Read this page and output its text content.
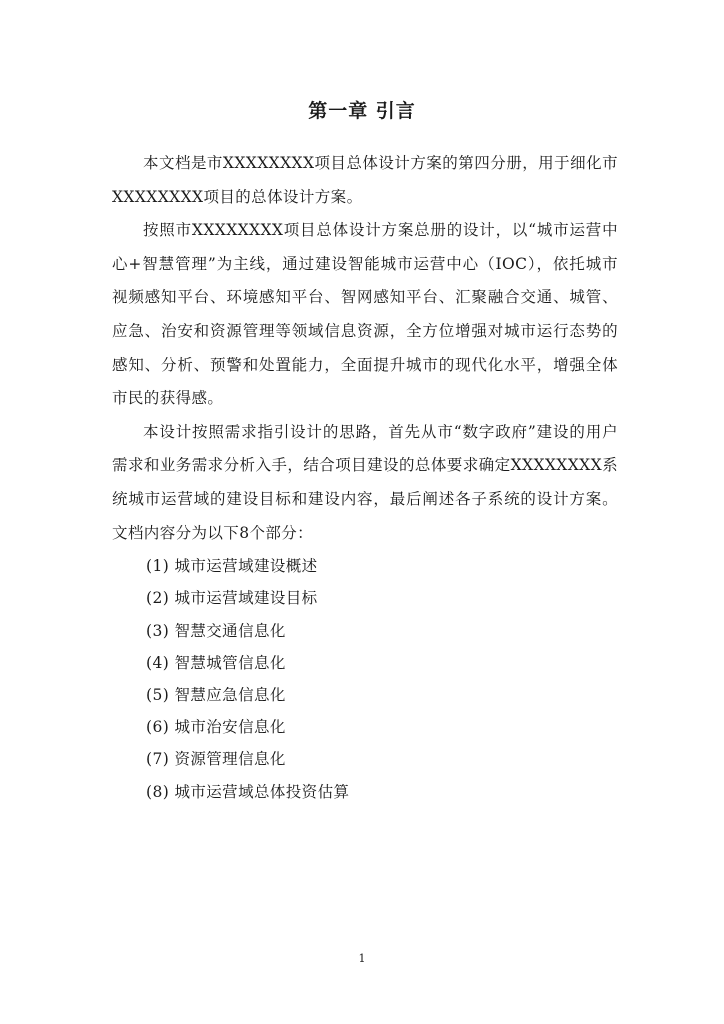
第一章 引言

本文档是市XXXXXXXX项目总体设计方案的第四分册，用于细化市XXXXXXXX项目的总体设计方案。

按照市XXXXXXXX项目总体设计方案总册的设计，以“城市运营中心+智慧管理”为主线，通过建设智能城市运营中心（IOC），依托城市视频感知平台、环境感知平台、智网感知平台、汇聚融合交通、城管、应急、治安和资源管理等领域信息资源，全方位增强对城市运行态势的感知、分析、预警和处置能力，全面提升城市的现代化水平，增强全体市民的获得感。

本设计按照需求指引设计的思路，首先从市“数字政府”建设的用户需求和业务需求分析入手，结合项目建设的总体要求确定XXXXXXXX系统城市运营域的建设目标和建设内容，最后阐述各子系统的设计方案。文档内容分为以下8个部分：

(1) 城市运营域建设概述
(2) 城市运营域建设目标
(3) 智慧交通信息化
(4) 智慧城管信息化
(5) 智慧应急信息化
(6) 城市治安信息化
(7) 资源管理信息化
(8) 城市运营域总体投资估算
1
